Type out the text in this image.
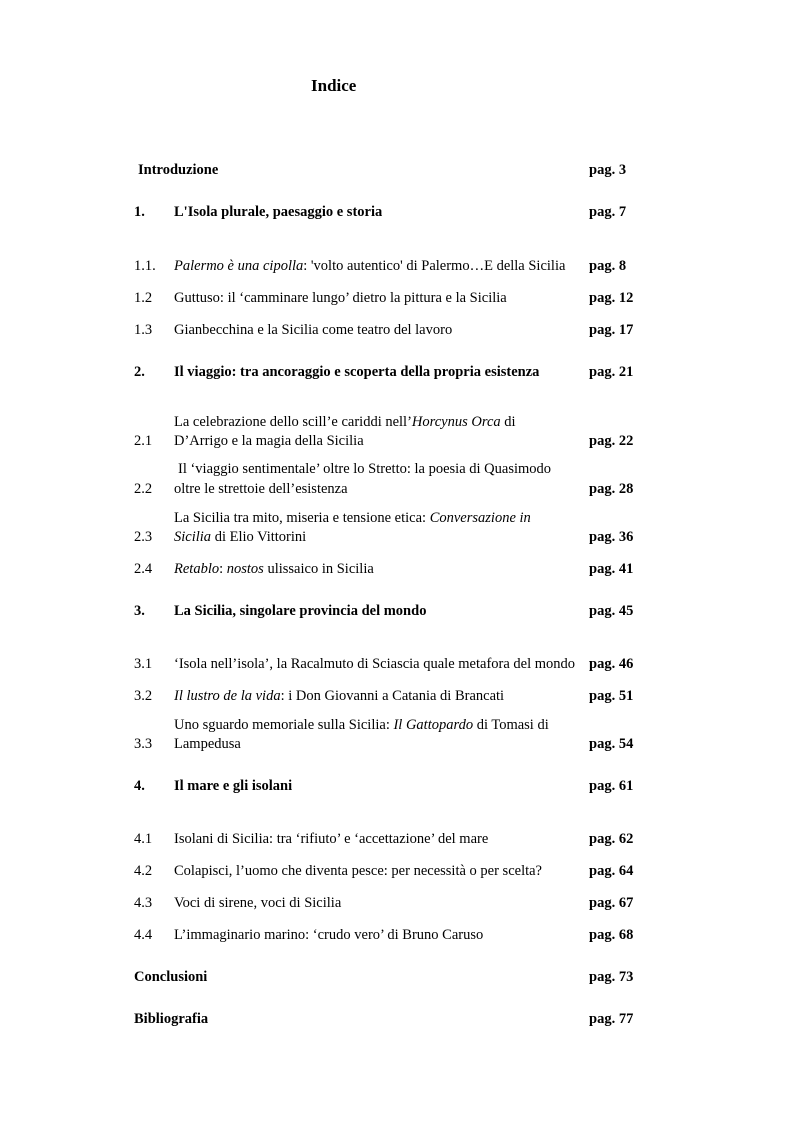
Indice
Introduzione	pag. 3
1. L'Isola plurale, paesaggio e storia	pag. 7
1.1. Palermo è una cipolla: 'volto autentico' di Palermo…E della Sicilia	pag. 8
1.2 Guttuso: il ‘camminare lungo’ dietro la pittura e la Sicilia	pag. 12
1.3 Gianbecchina e la Sicilia come teatro del lavoro	pag. 17
2. Il viaggio: tra ancoraggio e scoperta della propria esistenza	pag. 21
La celebrazione dello scill’e cariddi nell’Horcynus Orca di
2.1 D’Arrigo e la magia della Sicilia	pag. 22
Il ‘viaggio sentimentale’ oltre lo Stretto: la poesia di Quasimodo
2.2 oltre le strettoie dell’esistenza	pag. 28
La Sicilia tra mito, miseria e tensione etica: Conversazione in
2.3 Sicilia di Elio Vittorini	pag. 36
2.4 Retablo: nostos ulissaico in Sicilia	pag. 41
3. La Sicilia, singolare provincia del mondo	pag. 45
3.1 ‘Isola nell’isola’, la Racalmuto di Sciascia quale metafora del mondo pag. 46
3.2 Il lustro de la vida: i Don Giovanni a Catania di Brancati	pag. 51
Uno sguardo memoriale sulla Sicilia: Il Gattopardo di Tomasi di
3.3 Lampedusa	pag. 54
4. Il mare e gli isolani	pag. 61
4.1 Isolani di Sicilia: tra ‘rifiuto’ e ‘accettazione’ del mare	pag. 62
4.2 Colapisci, l’uomo che diventa pesce: per necessità o per scelta?	pag. 64
4.3 Voci di sirene, voci di Sicilia	pag. 67
4.4 L’immaginario marino: ‘crudo vero’ di Bruno Caruso	pag. 68
Conclusioni	pag. 73
Bibliografia	pag. 77
